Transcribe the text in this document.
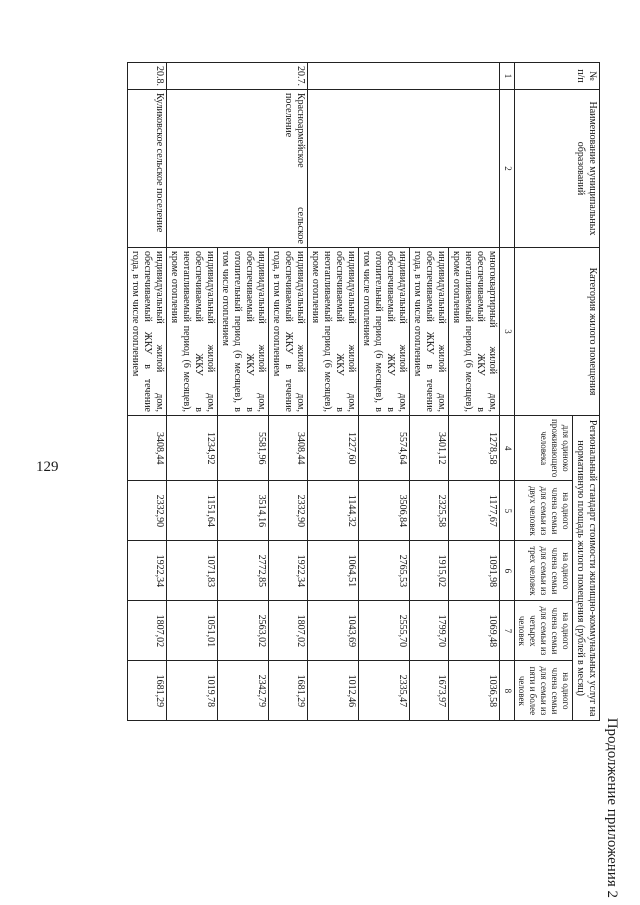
129
Продолжение приложения 2
№ п/п	Наименование муниципальных образований	Категория жилого помещения	Региональный стандарт стоимости жилищно-коммунальных услуг на нормативную площадь жилого помещения (рублей в месяц)				
			для одиноко проживающего человека	на одного члена семьи для семьи из двух человек	на одного члена семьи для семьи из трех человек	на одного члена семьи для семьи из четырех человек	на одного члена семьи для семьи из пяти и более человек
1	2	3	4	5	6	7	8
		многоквартирный жилой дом, обеспечиваемый ЖКУ в неотапливаемый период (6 месяцев), кроме отопления	1278,58	1177,67	1091,98	1069,48	1036,58
		индивидуальный жилой дом, обеспечиваемый ЖКУ в течение года, в том числе отоплением	3401,12	2325,58	1915,02	1799,70	1673,97
		индивидуальный жилой дом, обеспечиваемый ЖКУ в отопительный период (6 месяцев), в том числе отоплением	5574,64	3506,84	2765,53	2555,70	2335,47
		индивидуальный жилой дом, обеспечиваемый ЖКУ в неотапливаемый период (6 месяцев), кроме отопления	1227,60	1144,32	1064,51	1043,69	1012,46
20.7.	Красноармейское сельское поселение	индивидуальный жилой дом, обеспечиваемый ЖКУ в течение года, в том числе отоплением	3408,44	2332,90	1922,34	1807,02	1681,29
		индивидуальный жилой дом, обеспечиваемый ЖКУ в отопительный период (6 месяцев), в том числе отоплением	5581,96	3514,16	2772,85	2563,02	2342,79
		индивидуальный жилой дом, обеспечиваемый ЖКУ в неотапливаемый период (6 месяцев), кроме отопления	1234,92	1151,64	1071,83	1051,01	1019,78
20.8.	Куликовское сельское поселение	индивидуальный жилой дом, обеспечиваемый ЖКУ в течение года, в том числе отоплением	3408,44	2332,90	1922,34	1807,02	1681,29
